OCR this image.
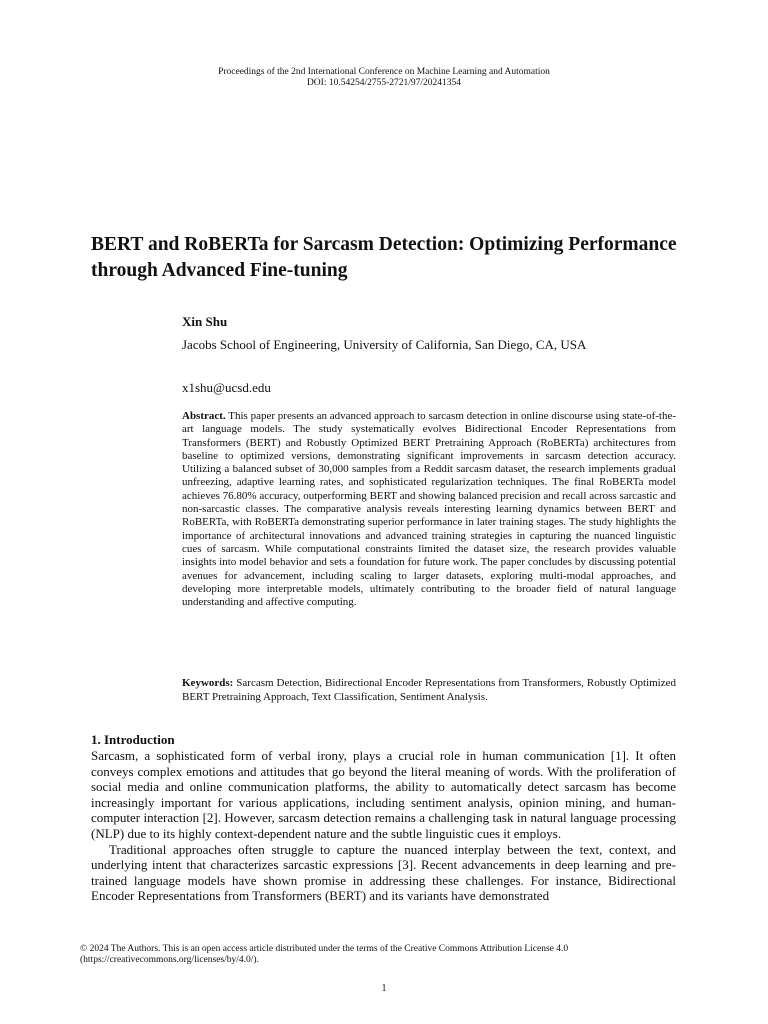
Proceedings of the 2nd International Conference on Machine Learning and Automation
DOI: 10.54254/2755-2721/97/20241354
BERT and RoBERTa for Sarcasm Detection: Optimizing Performance through Advanced Fine-tuning
Xin Shu
Jacobs School of Engineering, University of California, San Diego, CA, USA
x1shu@ucsd.edu

Abstract. This paper presents an advanced approach to sarcasm detection in online discourse using state-of-the-art language models. The study systematically evolves Bidirectional Encoder Representations from Transformers (BERT) and Robustly Optimized BERT Pretraining Approach (RoBERTa) architectures from baseline to optimized versions, demonstrating significant improvements in sarcasm detection accuracy. Utilizing a balanced subset of 30,000 samples from a Reddit sarcasm dataset, the research implements gradual unfreezing, adaptive learning rates, and sophisticated regularization techniques. The final RoBERTa model achieves 76.80% accuracy, outperforming BERT and showing balanced precision and recall across sarcastic and non-sarcastic classes. The comparative analysis reveals interesting learning dynamics between BERT and RoBERTa, with RoBERTa demonstrating superior performance in later training stages. The study highlights the importance of architectural innovations and advanced training strategies in capturing the nuanced linguistic cues of sarcasm. While computational constraints limited the dataset size, the research provides valuable insights into model behavior and sets a foundation for future work. The paper concludes by discussing potential avenues for advancement, including scaling to larger datasets, exploring multi-modal approaches, and developing more interpretable models, ultimately contributing to the broader field of natural language understanding and affective computing.

Keywords: Sarcasm Detection, Bidirectional Encoder Representations from Transformers, Robustly Optimized BERT Pretraining Approach, Text Classification, Sentiment Analysis.

1. Introduction

Sarcasm, a sophisticated form of verbal irony, plays a crucial role in human communication [1]. It often conveys complex emotions and attitudes that go beyond the literal meaning of words. With the proliferation of social media and online communication platforms, the ability to automatically detect sarcasm has become increasingly important for various applications, including sentiment analysis, opinion mining, and human-computer interaction [2]. However, sarcasm detection remains a challenging task in natural language processing (NLP) due to its highly context-dependent nature and the subtle linguistic cues it employs.

Traditional approaches often struggle to capture the nuanced interplay between the text, context, and underlying intent that characterizes sarcastic expressions [3]. Recent advancements in deep learning and pre-trained language models have shown promise in addressing these challenges. For instance, Bidirectional Encoder Representations from Transformers (BERT) and its variants have demonstrated

© 2024 The Authors. This is an open access article distributed under the terms of the Creative Commons Attribution License 4.0
(https://creativecommons.org/licenses/by/4.0/).
1
